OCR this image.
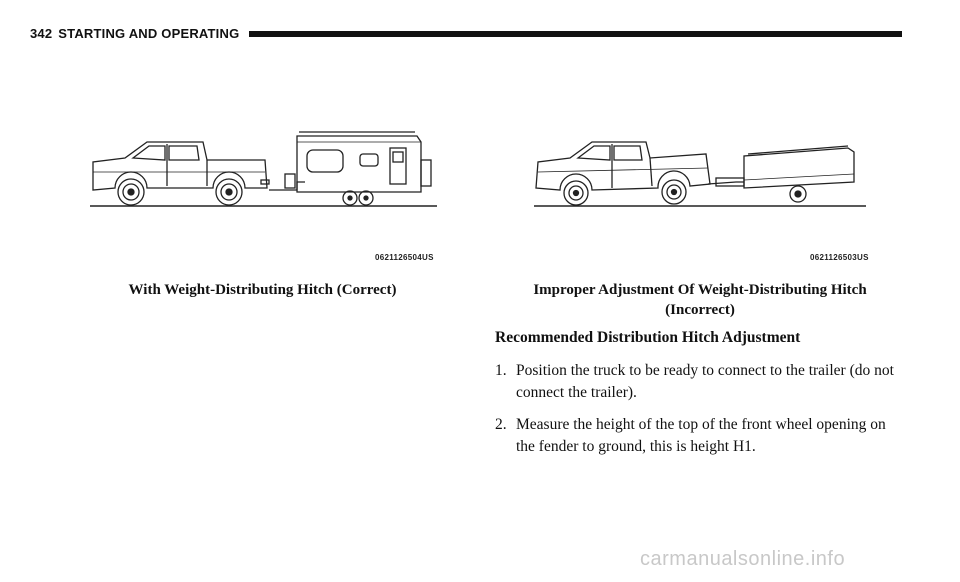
342 STARTING AND OPERATING
0621126504US	0621126503US
With Weight-Distributing Hitch (Correct)	Improper Adjustment Of Weight-Distributing Hitch
(Incorrect)
Recommended Distribution Hitch Adjustment
1. Position the truck to be ready to connect to the trailer (do not connect the trailer).
2. Measure the height of the top of the front wheel opening on the fender to ground, this is height H1.
carmanualsonline.info
